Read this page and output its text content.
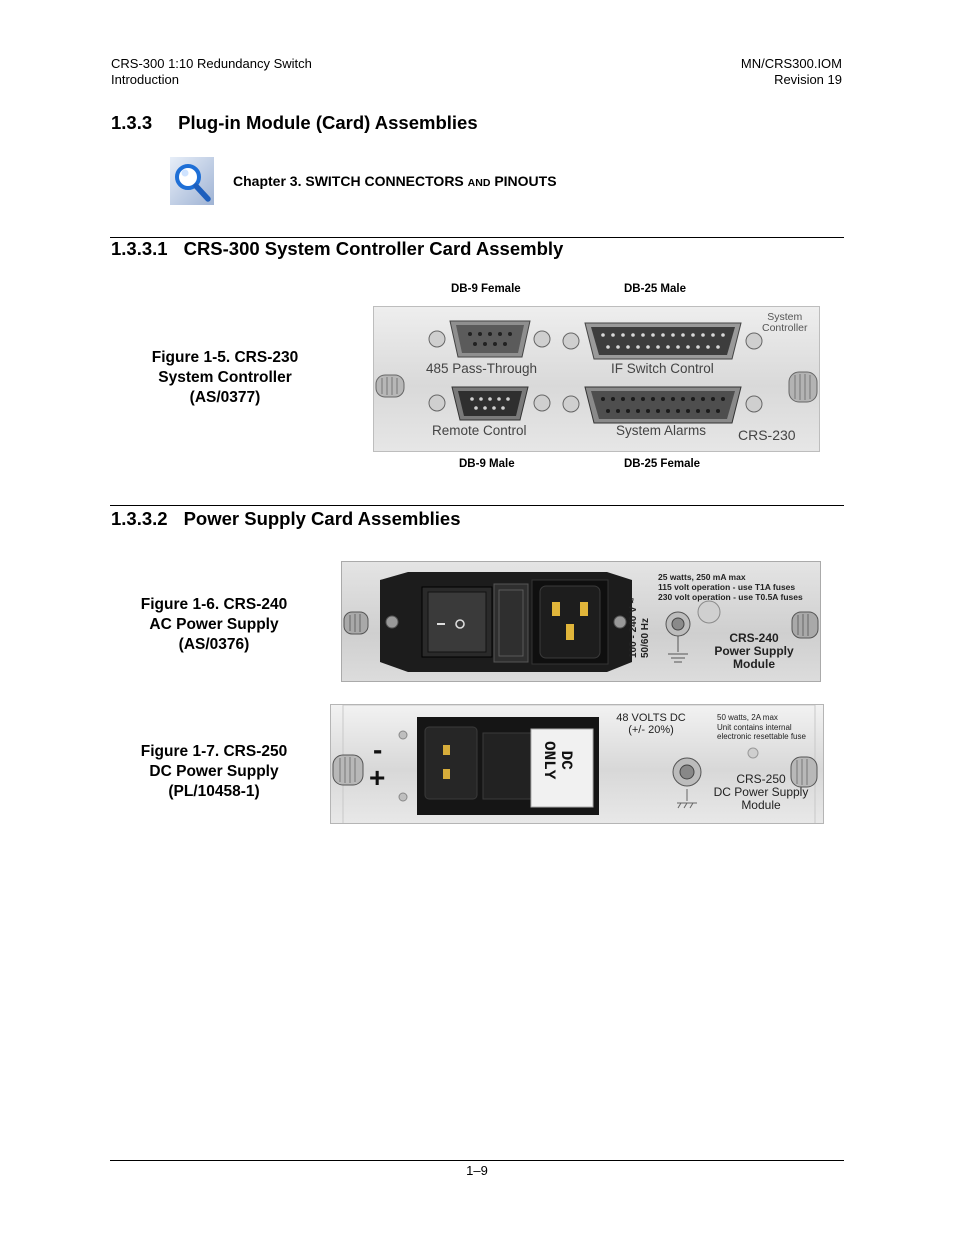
CRS-300 1:10 Redundancy Switch
Introduction
MN/CRS300.IOM
Revision 19
1.3.3 Plug-in Module (Card) Assemblies
Chapter 3. SWITCH CONNECTORS AND PINOUTS
1.3.3.1 CRS-300 System Controller Card Assembly
DB-9 Female	DB-25 Male
Figure 1-5. CRS-230
System Controller
(AS/0377)
System
Controller
485 Pass-Through	IF Switch Control
Remote Control	System Alarms CRS-230
DB-9 Male	DB-25 Female
1.3.3.2 Power Supply Card Assemblies
Figure 1-6. CRS-240
AC Power Supply
(AS/0376)
25 watts, 250 mA max
115 volt operation - use T1A fuses
230 volt operation - use T0.5A fuses
100 - 240 V ~ 50/60 Hz	CRS-240
Power Supply
Module
Figure 1-7. CRS-250
DC Power Supply
(PL/10458-1)
-
+
DC
ONLY
48 VOLTS DC
(+/- 20%)
50 watts, 2A max
Unit contains internal
electronic resettable fuse
CRS-250
DC Power Supply
Module
1–9
